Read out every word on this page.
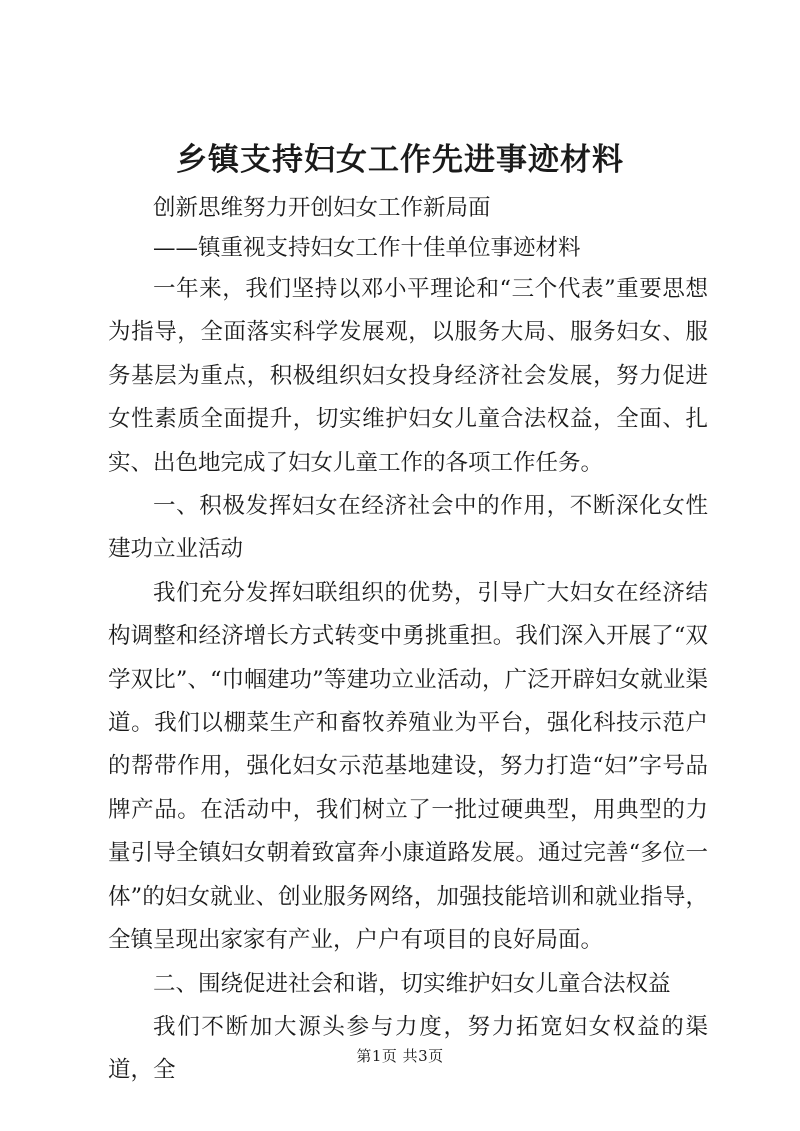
乡镇支持妇女工作先进事迹材料

创新思维努力开创妇女工作新局面

——镇重视支持妇女工作十佳单位事迹材料

一年来，我们坚持以邓小平理论和“三个代表”重要思想为指导，全面落实科学发展观，以服务大局、服务妇女、服务基层为重点，积极组织妇女投身经济社会发展，努力促进女性素质全面提升，切实维护妇女儿童合法权益，全面、扎实、出色地完成了妇女儿童工作的各项工作任务。

一、积极发挥妇女在经济社会中的作用，不断深化女性建功立业活动

我们充分发挥妇联组织的优势，引导广大妇女在经济结构调整和经济增长方式转变中勇挑重担。我们深入开展了“双学双比”、“巾帼建功”等建功立业活动，广泛开辟妇女就业渠道。我们以棚菜生产和畜牧养殖业为平台，强化科技示范户的帮带作用，强化妇女示范基地建设，努力打造“妇”字号品牌产品。在活动中，我们树立了一批过硬典型，用典型的力量引导全镇妇女朝着致富奔小康道路发展。通过完善“多位一体”的妇女就业、创业服务网络，加强技能培训和就业指导，全镇呈现出家家有产业，户户有项目的良好局面。

二、围绕促进社会和谐，切实维护妇女儿童合法权益

我们不断加大源头参与力度，努力拓宽妇女权益的渠道，全

第1页 共3页
